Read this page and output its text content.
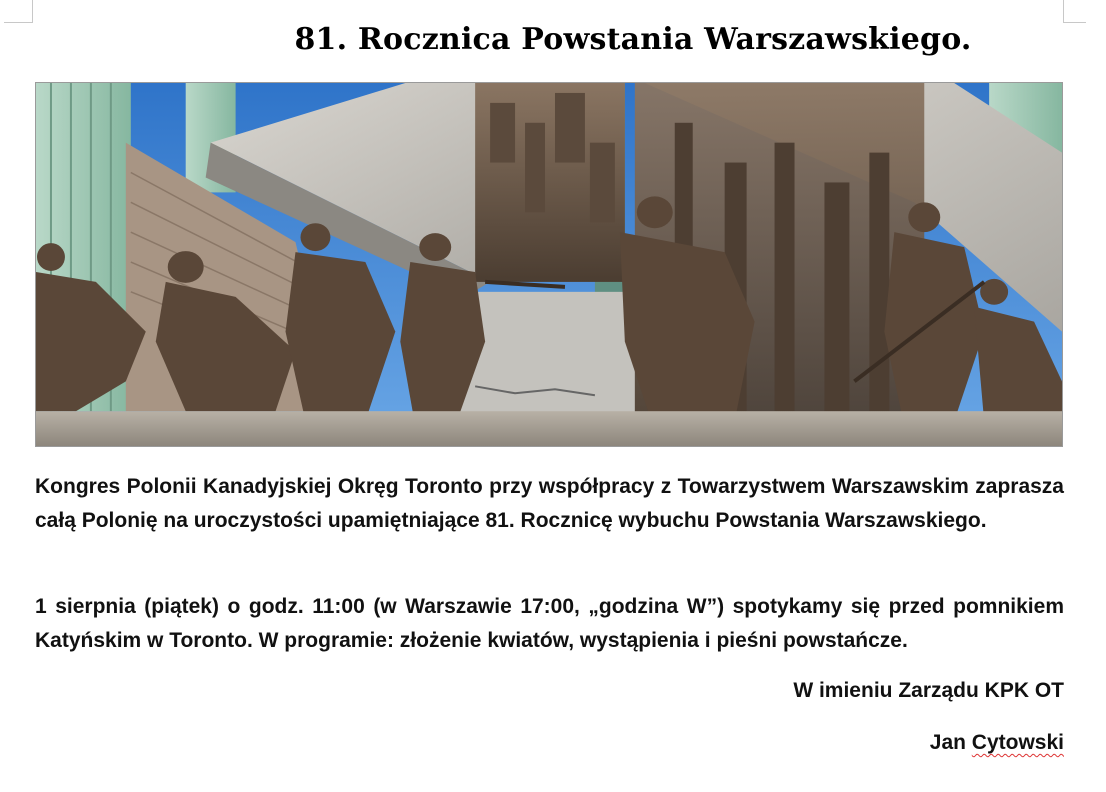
81. Rocznica Powstania Warszawskiego.
Kongres Polonii Kanadyjskiej Okręg Toronto przy współpracy z Towarzystwem Warszawskim zaprasza całą Polonię na uroczystości upamiętniające 81. Rocznicę wybuchu Powstania Warszawskiego.
1 sierpnia (piątek) o godz. 11:00 (w Warszawie 17:00, „godzina W”) spotykamy się przed pomnikiem Katyńskim w Toronto. W programie: złożenie kwiatów, wystąpienia i pieśni powstańcze.
W imieniu Zarządu KPK OT
Jan Cytowski
